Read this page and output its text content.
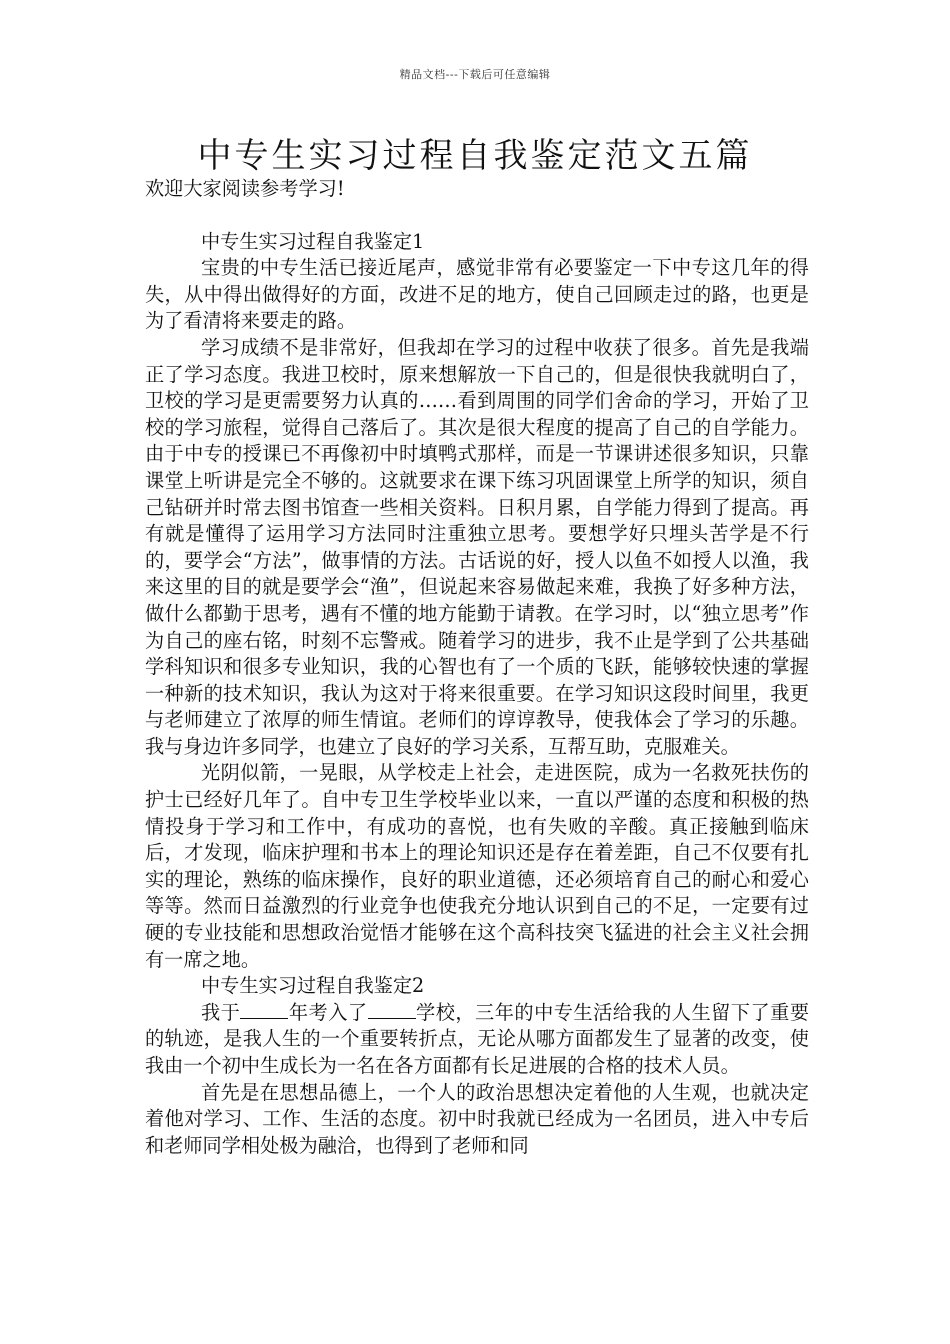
精品文档---下载后可任意编辑
中专生实习过程自我鉴定范文五篇

欢迎大家阅读参考学习!

中专生实习过程自我鉴定1

宝贵的中专生活已接近尾声，感觉非常有必要鉴定一下中专这几年的得失，从中得出做得好的方面，改进不足的地方，使自己回顾走过的路，也更是为了看清将来要走的路。

学习成绩不是非常好，但我却在学习的过程中收获了很多。首先是我端正了学习态度。我进卫校时，原来想解放一下自己的，但是很快我就明白了，卫校的学习是更需要努力认真的……看到周围的同学们舍命的学习，开始了卫校的学习旅程，觉得自己落后了。其次是很大程度的提高了自己的自学能力。由于中专的授课已不再像初中时填鸭式那样，而是一节课讲述很多知识，只靠课堂上听讲是完全不够的。这就要求在课下练习巩固课堂上所学的知识，须自己钻研并时常去图书馆查一些相关资料。日积月累，自学能力得到了提高。再有就是懂得了运用学习方法同时注重独立思考。要想学好只埋头苦学是不行的，要学会“方法”，做事情的方法。古话说的好，授人以鱼不如授人以渔，我来这里的目的就是要学会“渔”，但说起来容易做起来难，我换了好多种方法，做什么都勤于思考，遇有不懂的地方能勤于请教。在学习时，以“独立思考”作为自己的座右铭，时刻不忘警戒。随着学习的进步，我不止是学到了公共基础学科知识和很多专业知识，我的心智也有了一个质的飞跃，能够较快速的掌握一种新的技术知识，我认为这对于将来很重要。在学习知识这段时间里，我更与老师建立了浓厚的师生情谊。老师们的谆谆教导，使我体会了学习的乐趣。我与身边许多同学，也建立了良好的学习关系，互帮互助，克服难关。

光阴似箭，一晃眼，从学校走上社会，走进医院，成为一名救死扶伤的护士已经好几年了。自中专卫生学校毕业以来，一直以严谨的态度和积极的热情投身于学习和工作中，有成功的喜悦，也有失败的辛酸。真正接触到临床后，才发现，临床护理和书本上的理论知识还是存在着差距，自己不仅要有扎实的理论，熟练的临床操作，良好的职业道德，还必须培育自己的耐心和爱心等等。然而日益激烈的行业竞争也使我充分地认识到自己的不足，一定要有过硬的专业技能和思想政治觉悟才能够在这个高科技突飞猛进的社会主义社会拥有一席之地。

中专生实习过程自我鉴定2

我于	年考入了	学校，三年的中专生活给我的人生留下了重要的轨迹，是我人生的一个重要转折点，无论从哪方面都发生了显著的改变，使我由一个初中生成长为一名在各方面都有长足进展的合格的技术人员。

首先是在思想品德上，一个人的政治思想决定着他的人生观，也就决定着他对学习、工作、生活的态度。初中时我就已经成为一名团员，进入中专后和老师同学相处极为融洽，也得到了老师和同
